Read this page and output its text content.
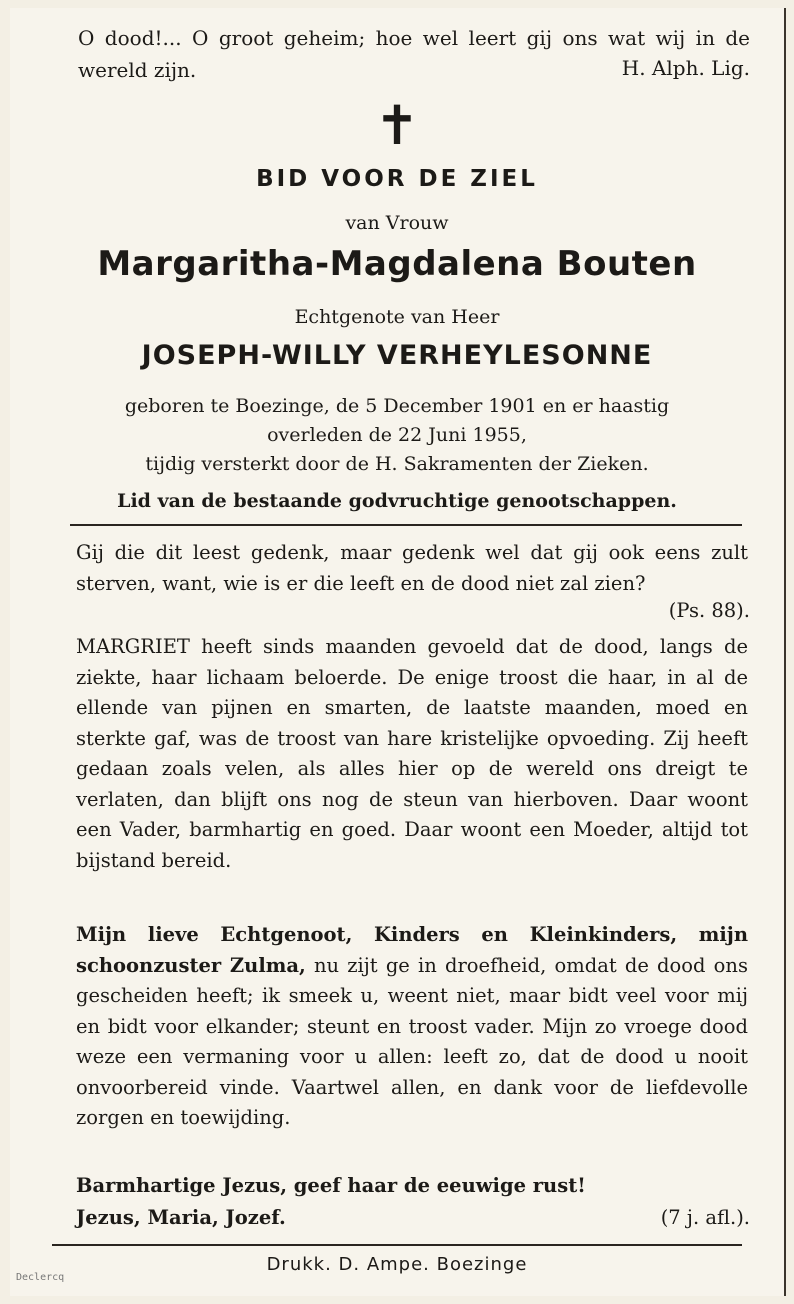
O dood!... O groot geheim; hoe wel leert gij ons wat wij in de wereld zijn.	H. Alph. Lig.
✝
BID VOOR DE ZIEL
van Vrouw
Margaritha-Magdalena Bouten
Echtgenote van Heer
JOSEPH-WILLY VERHEYLESONNE
geboren te Boezinge, de 5 December 1901 en er haastig
overleden de 22 Juni 1955,
tijdig versterkt door de H. Sakramenten der Zieken.
Lid van de bestaande godvruchtige genootschappen.
Gij die dit leest gedenk, maar gedenk wel dat gij ook eens zult sterven, want, wie is er die leeft en de dood niet zal zien?
(Ps. 88).
MARGRIET heeft sinds maanden gevoeld dat de dood, langs de ziekte, haar lichaam beloerde. De enige troost die haar, in al de ellende van pijnen en smarten, de laatste maanden, moed en sterkte gaf, was de troost van hare kristelijke opvoeding. Zij heeft gedaan zoals velen, als alles hier op de wereld ons dreigt te verlaten, dan blijft ons nog de steun van hierboven. Daar woont een Vader, barmhartig en goed. Daar woont een Moeder, altijd tot bijstand bereid.
Mijn lieve Echtgenoot, Kinders en Kleinkinders, mijn schoonzuster Zulma, nu zijt ge in droefheid, omdat de dood ons gescheiden heeft; ik smeek u, weent niet, maar bidt veel voor mij en bidt voor elkander; steunt en troost vader. Mijn zo vroege dood weze een vermaning voor u allen: leeft zo, dat de dood u nooit onvoorbereid vinde. Vaartwel allen, en dank voor de liefdevolle zorgen en toewijding.
Barmhartige Jezus, geef haar de eeuwige rust!
Jezus, Maria, Jozef.	(7 j. afl.).
Drukk. D. Ampe. Boezinge
Declercq
